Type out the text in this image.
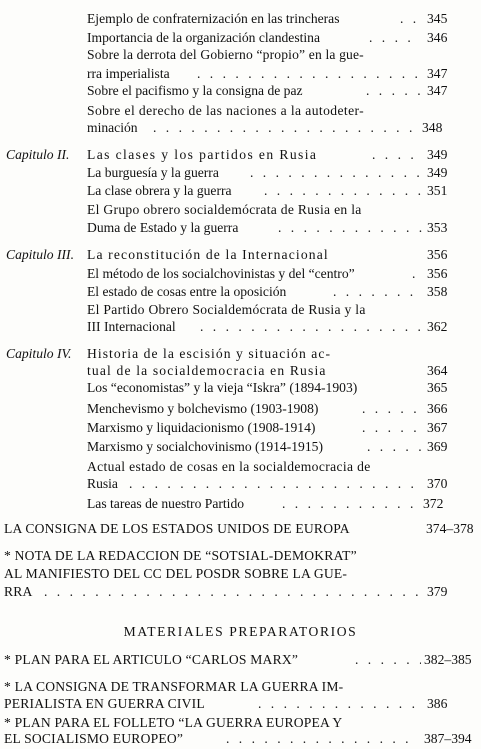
Ejemplo de confraternización en las trincheras . . .	345
Importancia de la organización clandestina . . .	346
Sobre la derrota del Gobierno “propio” en la gue-
rra imperialista . . .	347
Sobre el pacifismo y la consigna de paz . . .	347
Sobre el derecho de las naciones a la autodeter-
minación . . .	348
Capitulo II. Las clases y los partidos en Rusia . . .	349
La burguesía y la guerra . . .	349
La clase obrera y la guerra . . .	351
El Grupo obrero socialdemócrata de Rusia en la
Duma de Estado y la guerra . . .	353
Capitulo III. La reconstitución de la Internacional	356
El método de los socialchovinistas y del “centro” . . .	356
El estado de cosas entre la oposición . . .	358
El Partido Obrero Socialdemócrata de Rusia y la
III Internacional . . .	362
Capitulo IV. Historia de la escisión y situación ac-
tual de la socialdemocracia en Rusia	364
Los “economistas” y la vieja “Iskra” (1894-1903)	365
Menchevismo y bolchevismo (1903-1908) . . .	366
Marxismo y liquidacionismo (1908-1914) . . .	367
Marxismo y socialchovinismo (1914-1915) . . .	369
Actual estado de cosas en la socialdemocracia de
Rusia . . .	370
Las tareas de nuestro Partido . . .	372
LA CONSIGNA DE LOS ESTADOS UNIDOS DE EUROPA	374–378
* NOTA DE LA REDACCION DE “SOTSIAL-DEMOKRAT”
AL MANIFIESTO DEL CC DEL POSDR SOBRE LA GUE-
RRA . . .	379
MATERIALES PREPARATORIOS
* PLAN PARA EL ARTICULO “CARLOS MARX” . . .	382–385
* LA CONSIGNA DE TRANSFORMAR LA GUERRA IM-
PERIALISTA EN GUERRA CIVIL . . .	386
* PLAN PARA EL FOLLETO “LA GUERRA EUROPEA Y
EL SOCIALISMO EUROPEO” . . .	387–394
